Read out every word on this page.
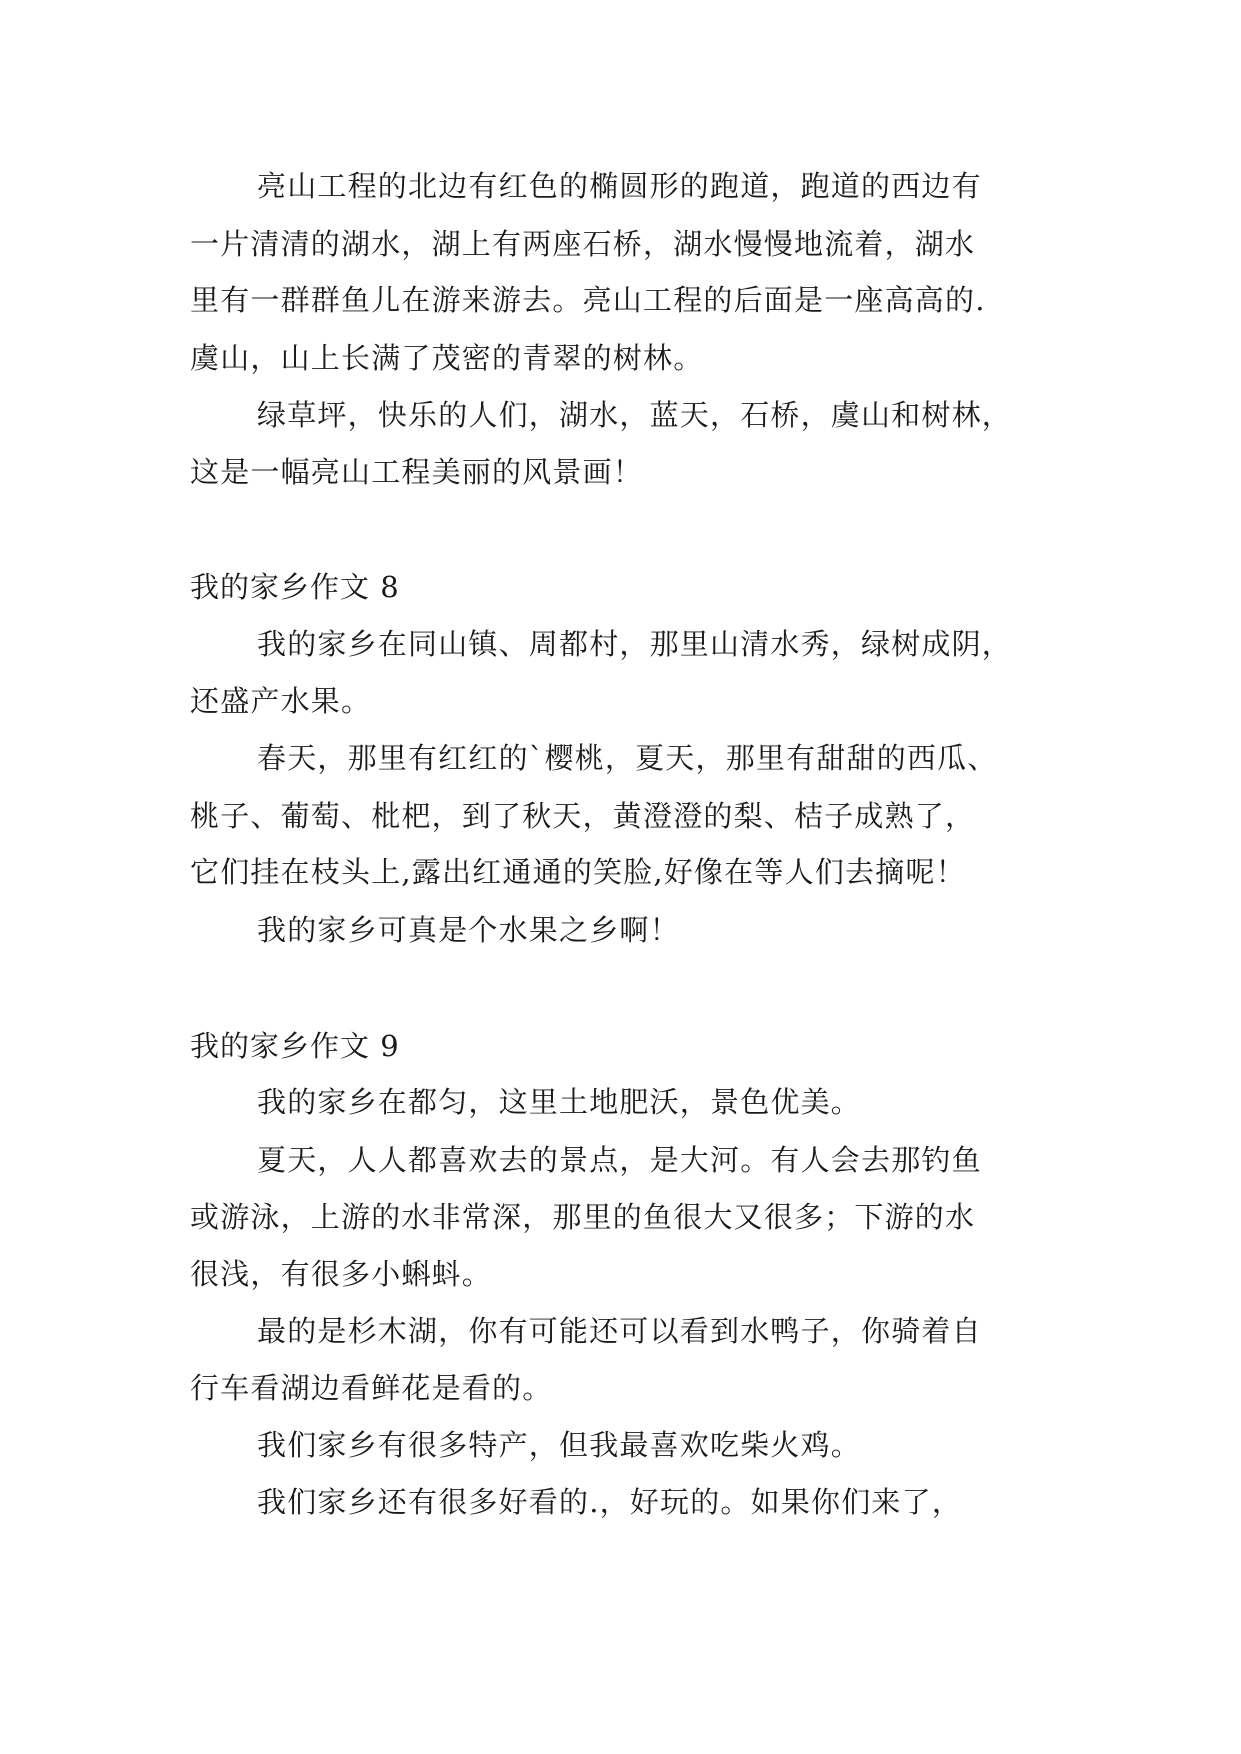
亮山工程的北边有红色的椭圆形的跑道，跑道的西边有

一片清清的湖水，湖上有两座石桥，湖水慢慢地流着，湖水

里有一群群鱼儿在游来游去。亮山工程的后面是一座高高的.

虞山，山上长满了茂密的青翠的树林。

绿草坪，快乐的人们，湖水，蓝天，石桥，虞山和树林，

这是一幅亮山工程美丽的风景画！

我的家乡作文 8

我的家乡在同山镇、周都村，那里山清水秀，绿树成阴，

还盛产水果。

春天，那里有红红的`樱桃，夏天，那里有甜甜的西瓜、

桃子、葡萄、枇杷，到了秋天，黄澄澄的梨、桔子成熟了，

它们挂在枝头上,露出红通通的笑脸,好像在等人们去摘呢！

我的家乡可真是个水果之乡啊！

我的家乡作文 9

我的家乡在都匀，这里土地肥沃，景色优美。

夏天，人人都喜欢去的景点，是大河。有人会去那钓鱼

或游泳，上游的水非常深，那里的鱼很大又很多；下游的水

很浅，有很多小蝌蚪。

最的是杉木湖，你有可能还可以看到水鸭子，你骑着自

行车看湖边看鲜花是看的。

我们家乡有很多特产，但我最喜欢吃柴火鸡。

我们家乡还有很多好看的.，好玩的。如果你们来了，
